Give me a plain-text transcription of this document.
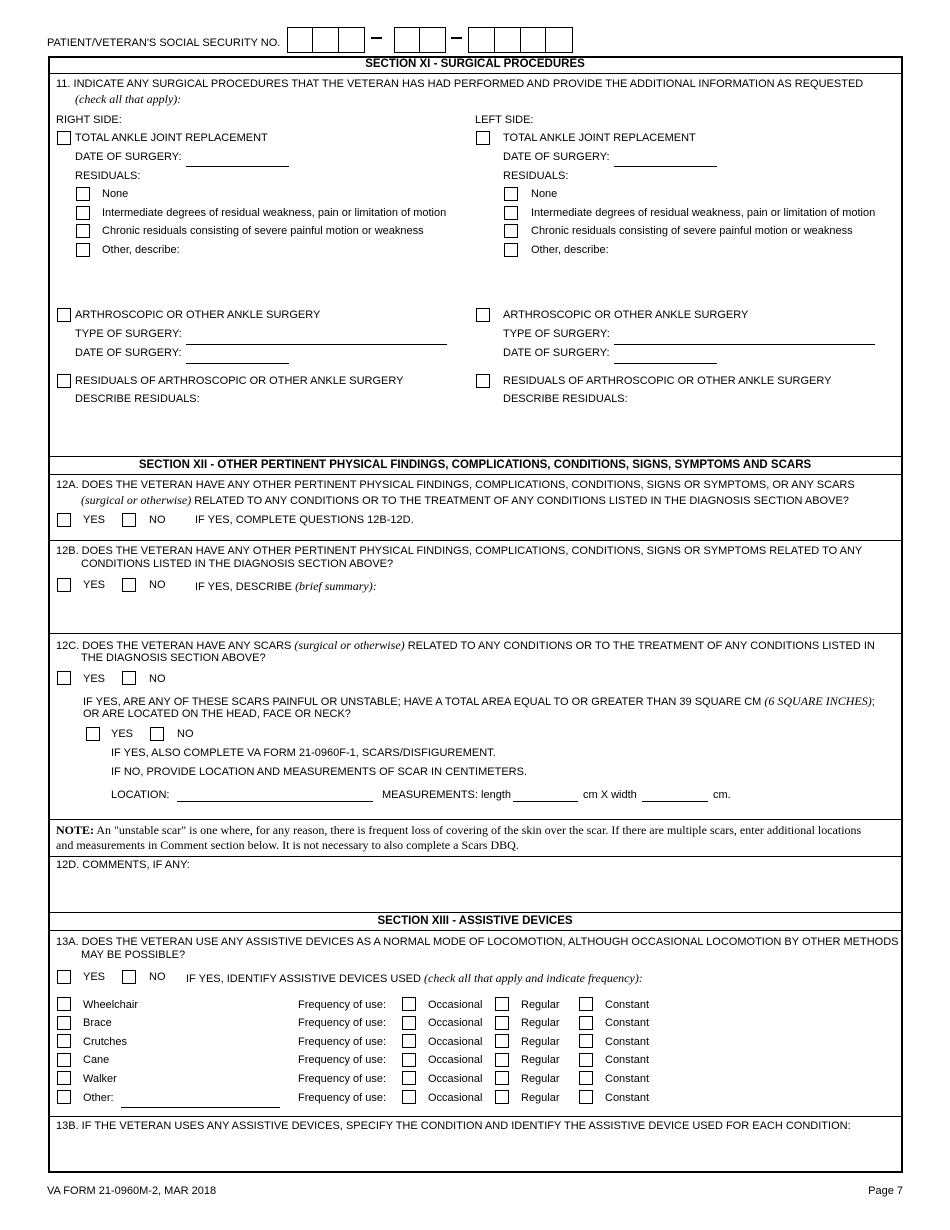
PATIENT/VETERAN'S SOCIAL SECURITY NO.
SECTION XI - SURGICAL PROCEDURES
11. INDICATE ANY SURGICAL PROCEDURES THAT THE VETERAN HAS HAD PERFORMED AND PROVIDE THE ADDITIONAL INFORMATION AS REQUESTED
(check all that apply):
RIGHT SIDE:
TOTAL ANKLE JOINT REPLACEMENT
DATE OF SURGERY:
RESIDUALS:
None
Intermediate degrees of residual weakness, pain or limitation of motion
Chronic residuals consisting of severe painful motion or weakness
Other, describe:
ARTHROSCOPIC OR OTHER ANKLE SURGERY
TYPE OF SURGERY:
DATE OF SURGERY:
RESIDUALS OF ARTHROSCOPIC OR OTHER ANKLE SURGERY
DESCRIBE RESIDUALS:
LEFT SIDE:
TOTAL ANKLE JOINT REPLACEMENT
DATE OF SURGERY:
RESIDUALS:
None
Intermediate degrees of residual weakness, pain or limitation of motion
Chronic residuals consisting of severe painful motion or weakness
Other, describe:
ARTHROSCOPIC OR OTHER ANKLE SURGERY
TYPE OF SURGERY:
DATE OF SURGERY:
RESIDUALS OF ARTHROSCOPIC OR OTHER ANKLE SURGERY
DESCRIBE RESIDUALS:
SECTION XII - OTHER PERTINENT PHYSICAL FINDINGS, COMPLICATIONS, CONDITIONS, SIGNS, SYMPTOMS AND SCARS
12A. DOES THE VETERAN HAVE ANY OTHER PERTINENT PHYSICAL FINDINGS, COMPLICATIONS, CONDITIONS, SIGNS OR SYMPTOMS, OR ANY SCARS
(surgical or otherwise) RELATED TO ANY CONDITIONS OR TO THE TREATMENT OF ANY CONDITIONS LISTED IN THE DIAGNOSIS SECTION ABOVE?
YES	NO	IF YES, COMPLETE QUESTIONS 12B-12D.
12B. DOES THE VETERAN HAVE ANY OTHER PERTINENT PHYSICAL FINDINGS, COMPLICATIONS, CONDITIONS, SIGNS OR SYMPTOMS RELATED TO ANY
CONDITIONS LISTED IN THE DIAGNOSIS SECTION ABOVE?
YES	NO	IF YES, DESCRIBE (brief summary):
12C. DOES THE VETERAN HAVE ANY SCARS (surgical or otherwise) RELATED TO ANY CONDITIONS OR TO THE TREATMENT OF ANY CONDITIONS LISTED IN
THE DIAGNOSIS SECTION ABOVE?
YES	NO
IF YES, ARE ANY OF THESE SCARS PAINFUL OR UNSTABLE; HAVE A TOTAL AREA EQUAL TO OR GREATER THAN 39 SQUARE CM (6 SQUARE INCHES);
OR ARE LOCATED ON THE HEAD, FACE OR NECK?
YES	NO
IF YES, ALSO COMPLETE VA FORM 21-0960F-1, SCARS/DISFIGUREMENT.
IF NO, PROVIDE LOCATION AND MEASUREMENTS OF SCAR IN CENTIMETERS.
LOCATION:	MEASUREMENTS: length	cm X width	cm.
NOTE: An "unstable scar" is one where, for any reason, there is frequent loss of covering of the skin over the scar. If there are multiple scars, enter additional locations
and measurements in Comment section below. It is not necessary to also complete a Scars DBQ.
12D. COMMENTS, IF ANY:
SECTION XIII - ASSISTIVE DEVICES
13A. DOES THE VETERAN USE ANY ASSISTIVE DEVICES AS A NORMAL MODE OF LOCOMOTION, ALTHOUGH OCCASIONAL LOCOMOTION BY OTHER METHODS
MAY BE POSSIBLE?
YES	NO IF YES, IDENTIFY ASSISTIVE DEVICES USED (check all that apply and indicate frequency):
Wheelchair	Frequency of use:	Occasional	Regular	Constant
Brace	Frequency of use:	Occasional	Regular	Constant
Crutches	Frequency of use:	Occasional	Regular	Constant
Cane	Frequency of use:	Occasional	Regular	Constant
Walker	Frequency of use:	Occasional	Regular	Constant
Other:	Frequency of use:	Occasional	Regular	Constant
13B. IF THE VETERAN USES ANY ASSISTIVE DEVICES, SPECIFY THE CONDITION AND IDENTIFY THE ASSISTIVE DEVICE USED FOR EACH CONDITION:
VA FORM 21-0960M-2, MAR 2018	Page 7
